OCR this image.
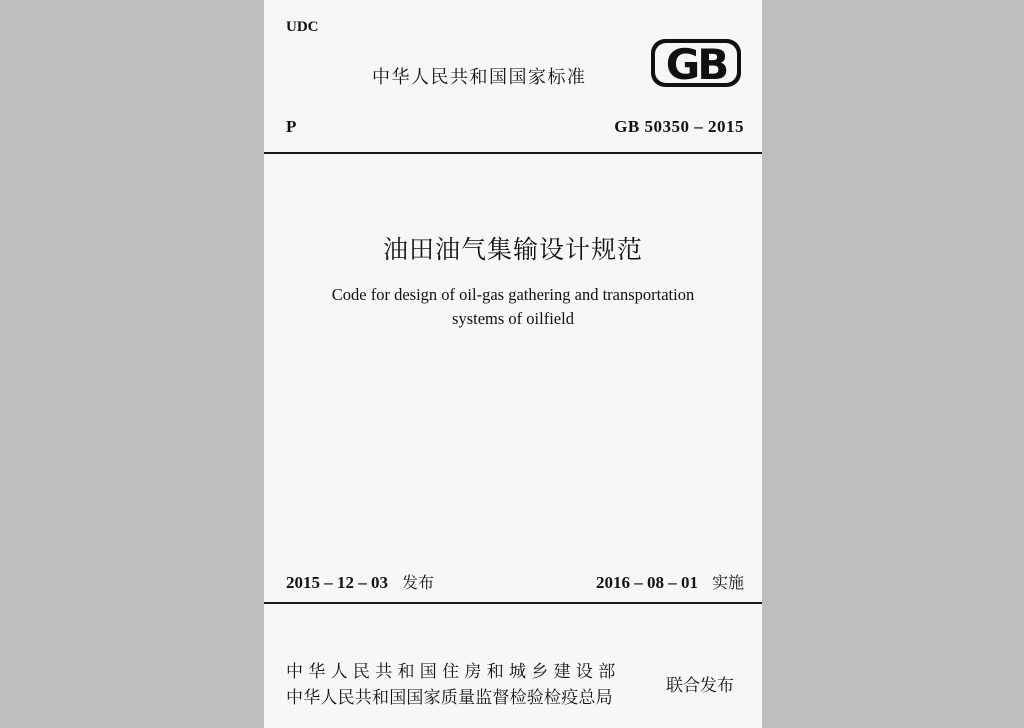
UDC
中华人民共和国国家标准 GB
P	GB 50350 – 2015
油田油气集输设计规范
Code for design of oil-gas gathering and transportation
systems of oilfield
2015 – 12 – 03 发布	2016 – 08 – 01 实施
中华人民共和国住房和城乡建设部
中华人民共和国国家质量监督检验检疫总局
联合发布
